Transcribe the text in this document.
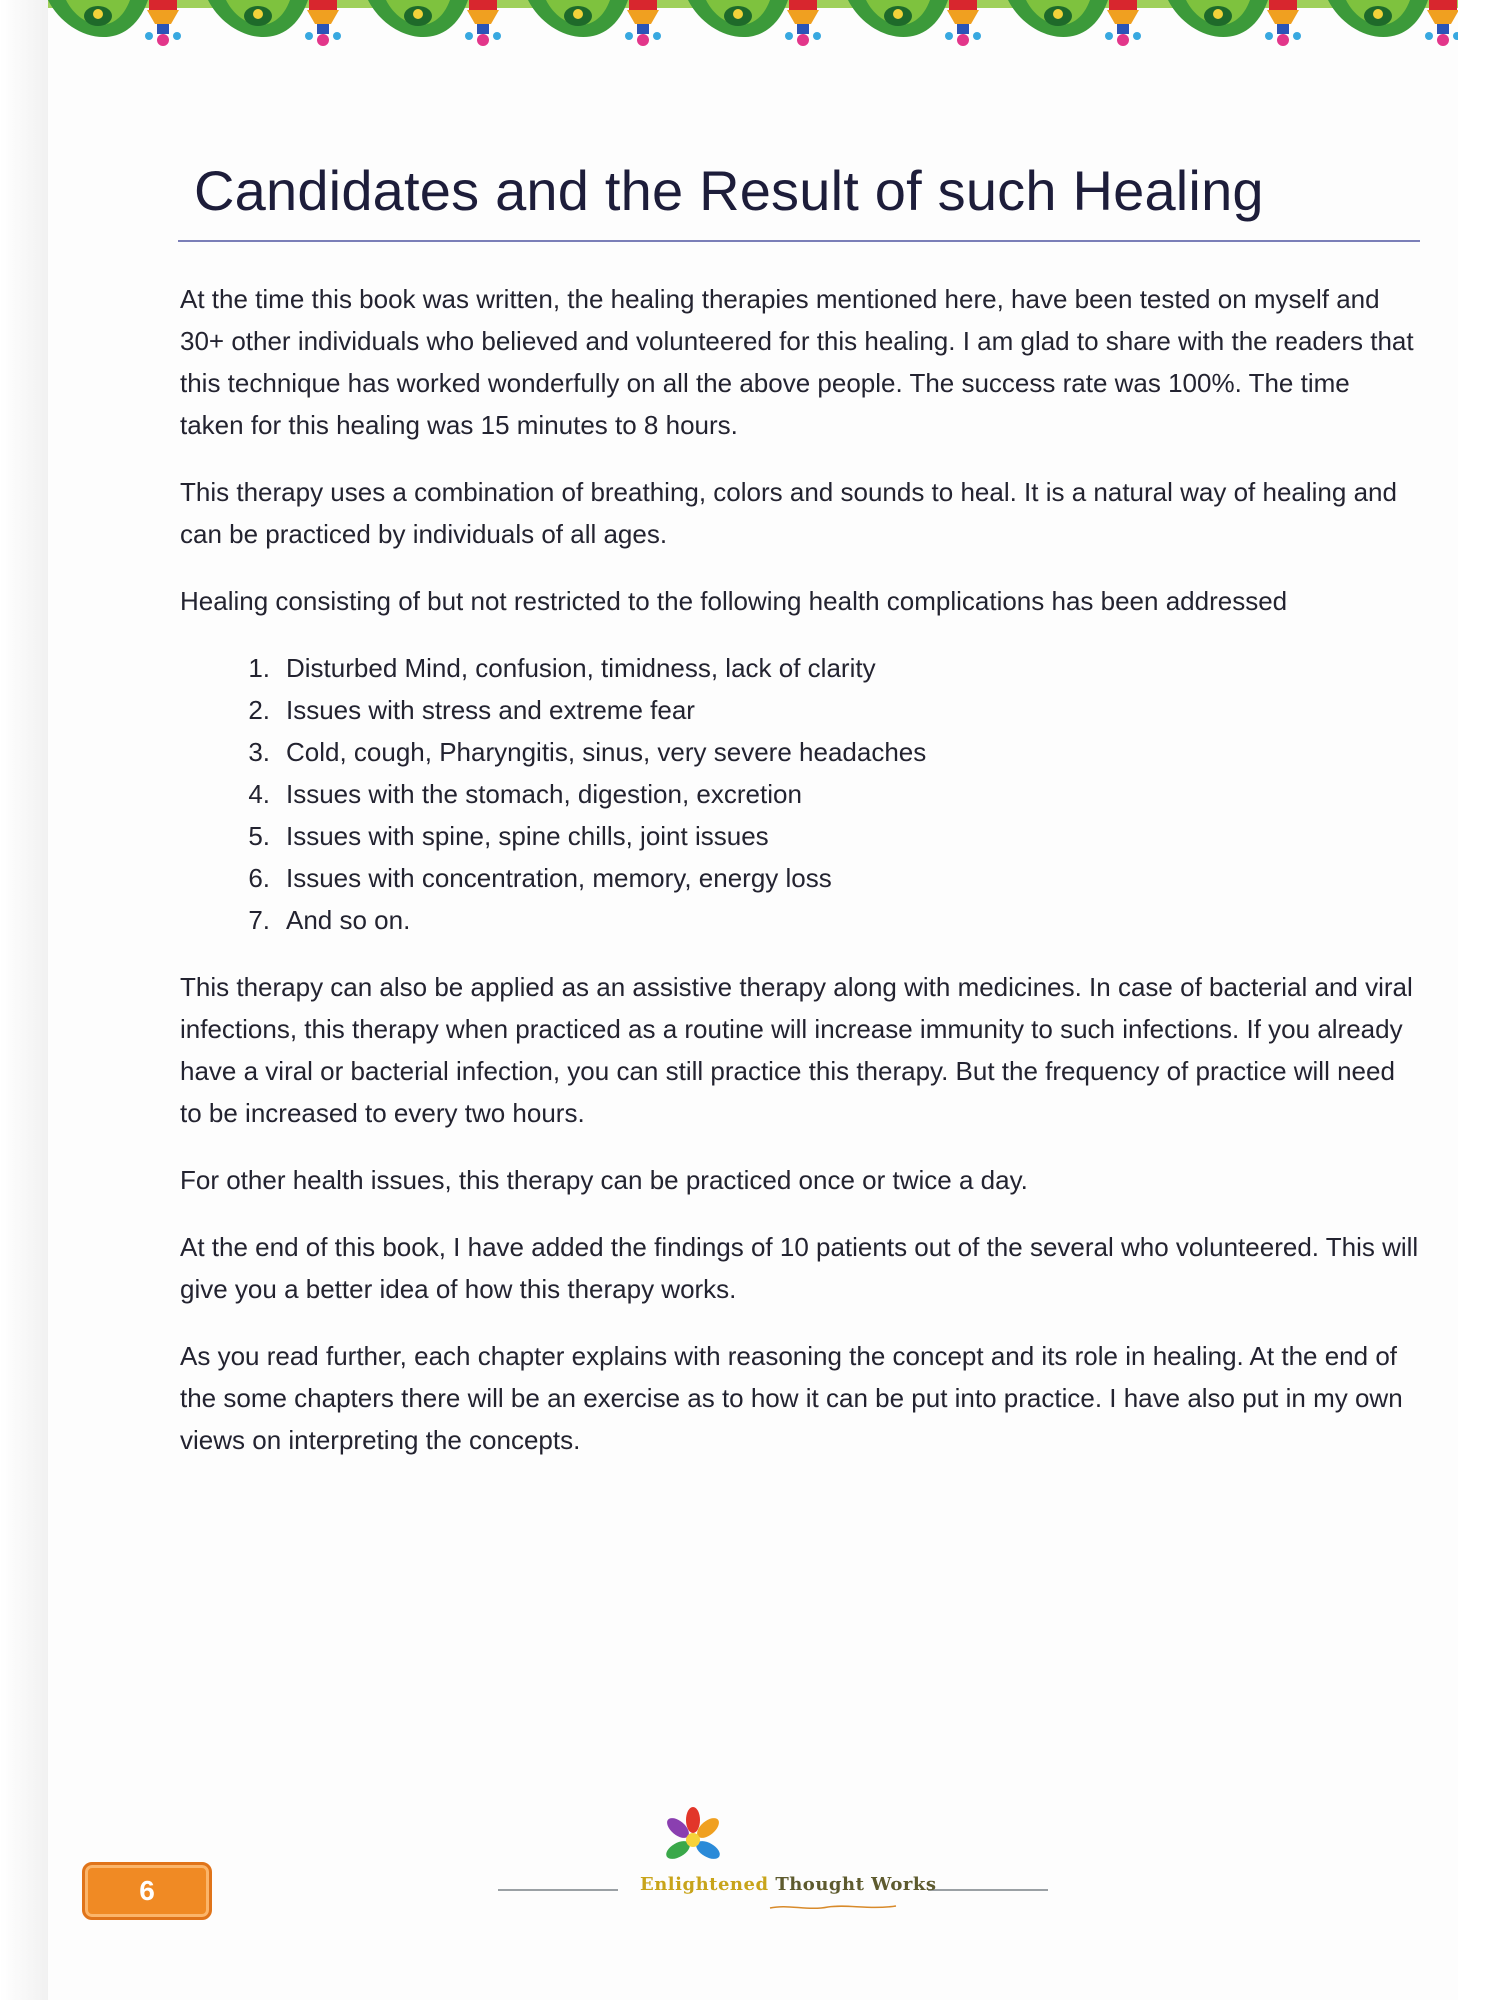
Candidates and the Result of such Healing

At the time this book was written, the healing therapies mentioned here, have been tested on myself and 30+ other individuals who believed and volunteered for this healing. I am glad to share with the readers that this technique has worked wonderfully on all the above people. The success rate was 100%. The time taken for this healing was 15 minutes to 8 hours.

This therapy uses a combination of breathing, colors and sounds to heal. It is a natural way of healing and can be practiced by individuals of all ages.

Healing consisting of but not restricted to the following health complications has been addressed

1. Disturbed Mind, confusion, timidness, lack of clarity
2. Issues with stress and extreme fear
3. Cold, cough, Pharyngitis, sinus, very severe headaches
4. Issues with the stomach, digestion, excretion
5. Issues with spine, spine chills, joint issues
6. Issues with concentration, memory, energy loss
7. And so on.

This therapy can also be applied as an assistive therapy along with medicines. In case of bacterial and viral infections, this therapy when practiced as a routine will increase immunity to such infections. If you already have a viral or bacterial infection, you can still practice this therapy. But the frequency of practice will need to be increased to every two hours.

For other health issues, this therapy can be practiced once or twice a day.

At the end of this book, I have added the findings of 10 patients out of the several who volunteered. This will give you a better idea of how this therapy works.

As you read further, each chapter explains with reasoning the concept and its role in healing. At the end of the some chapters there will be an exercise as to how it can be put into practice. I have also put in my own views on interpreting the concepts.

6	Enlightened Thought Works
